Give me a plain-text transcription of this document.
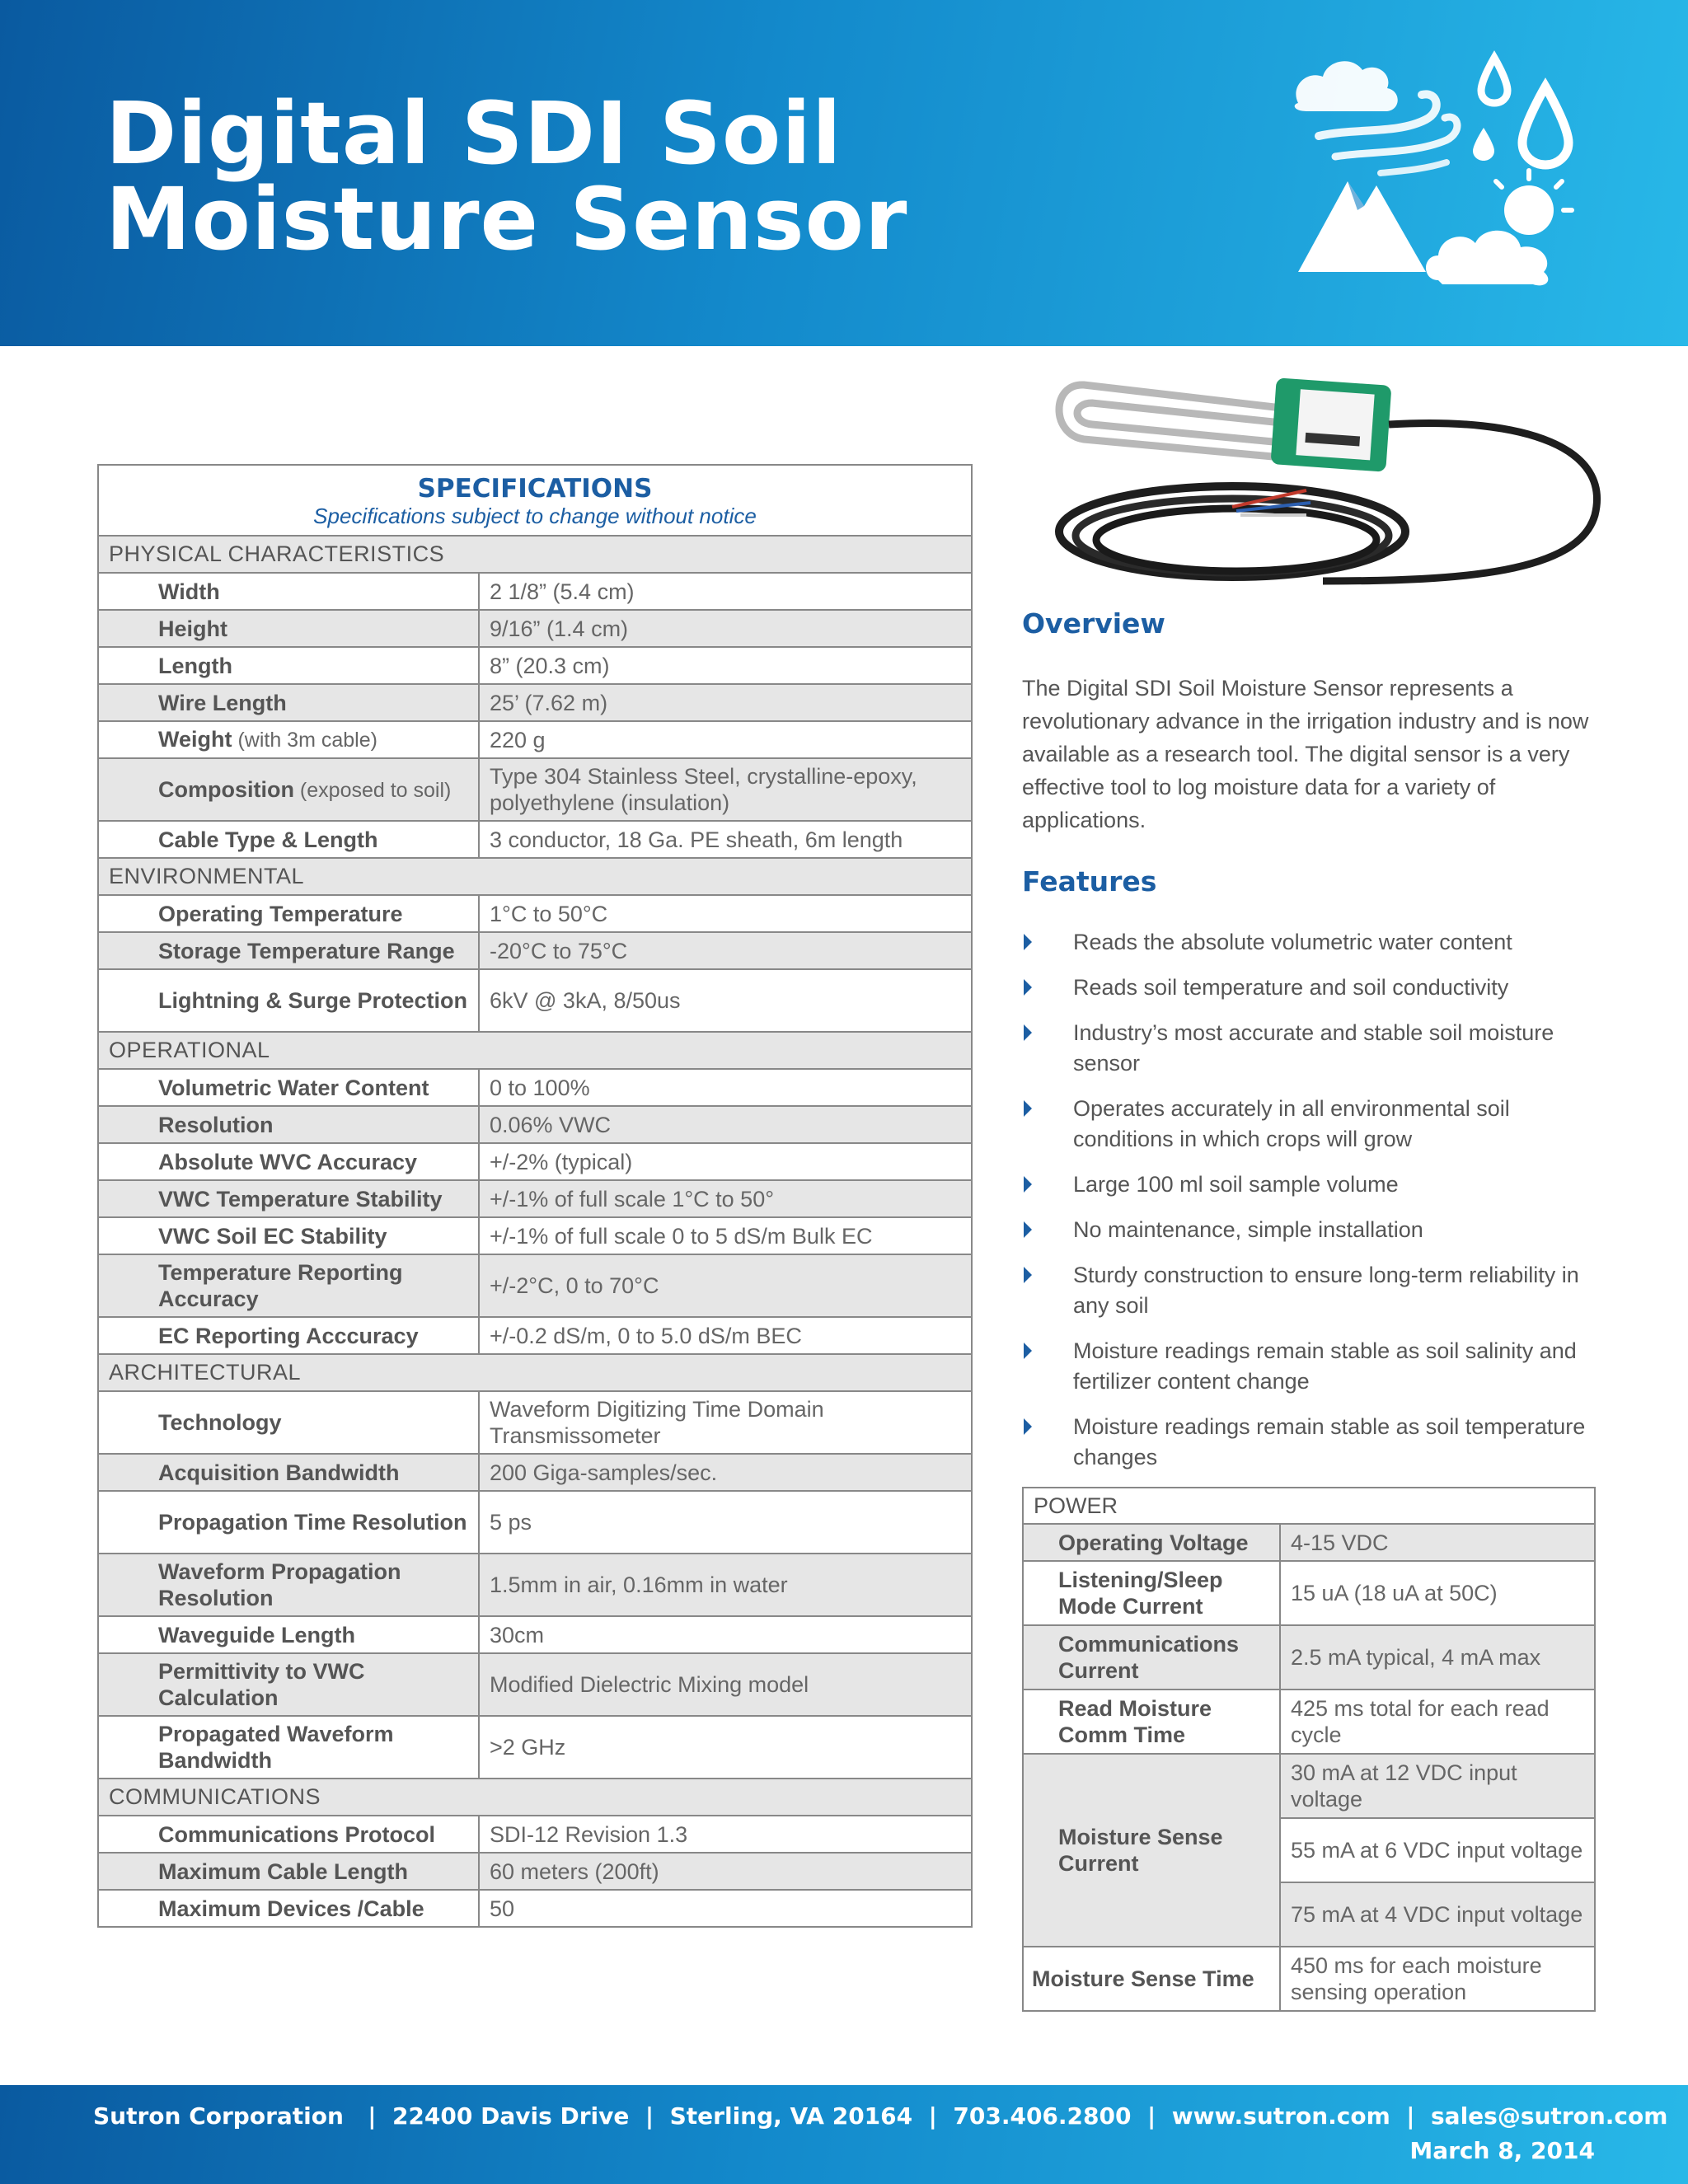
Digital SDI Soil Moisture Sensor
SPECIFICATIONS
Specifications subject to change without notice	

PHYSICAL CHARACTERISTICS	
Width	2 1/8” (5.4 cm)
Height	9/16” (1.4 cm)
Length	8” (20.3 cm)
Wire Length	25’ (7.62 m)
Weight (with 3m cable)	220 g
Composition (exposed to soil)	Type 304 Stainless Steel, crystalline-epoxy, polyethylene (insulation)
Cable Type & Length	3 conductor, 18 Ga. PE sheath, 6m length
ENVIRONMENTAL	
Operating Temperature	1°C to 50°C
Storage Temperature Range	-20°C to 75°C
Lightning & Surge Protection	6kV @ 3kA, 8/50us
OPERATIONAL	
Volumetric Water Content	0 to 100%
Resolution	0.06% VWC
Absolute WVC Accuracy	+/-2% (typical)
VWC Temperature Stability	+/-1% of full scale 1°C to 50°
VWC Soil EC Stability	+/-1% of full scale 0 to 5 dS/m Bulk EC
Temperature Reporting Accuracy	+/-2°C, 0 to 70°C
EC Reporting Acccuracy	+/-0.2 dS/m, 0 to 5.0 dS/m BEC
ARCHITECTURAL	
Technology	Waveform Digitizing Time Domain Transmissometer
Acquisition Bandwidth	200 Giga-samples/sec.
Propagation Time Resolution	5 ps
Waveform Propagation Resolution	1.5mm in air, 0.16mm in water
Waveguide Length	30cm
Permittivity to VWC Calculation	Modified Dielectric Mixing model
Propagated Waveform Bandwidth	>2 GHz
COMMUNICATIONS	
Communications Protocol	SDI-12 Revision 1.3
Maximum Cable Length	60 meters (200ft)
Maximum Devices /Cable	50
Overview

The Digital SDI Soil Moisture Sensor represents a revolutionary advance in the irrigation industry and is now available as a research tool. The digital sensor is a very effective tool to log moisture data for a variety of applications.

Features
Reads the absolute volumetric water content
Reads soil temperature and soil conductivity
Industry’s most accurate and stable soil moisture sensor
Operates accurately in all environmental soil conditions in which crops will grow
Large 100 ml soil sample volume
No maintenance, simple installation
Sturdy construction to ensure long-term reliability in any soil
Moisture readings remain stable as soil salinity and fertilizer content change
Moisture readings remain stable as soil temperature changes
POWER	
Operating Voltage	4-15 VDC
Listening/Sleep Mode Current	15 uA (18 uA at 50C)
Communications Current	2.5 mA typical, 4 mA max
Read Moisture Comm Time	425 ms total for each read cycle
Moisture Sense Current	30 mA at 12 VDC input voltage
	55 mA at 6 VDC input voltage
	75 mA at 4 VDC input voltage
Moisture Sense Time	450 ms for each moisture sensing operation
Sutron Corporation | 22400 Davis Drive | Sterling, VA 20164 | 703.406.2800 | www.sutron.com | sales@sutron.com
March 8, 2014
